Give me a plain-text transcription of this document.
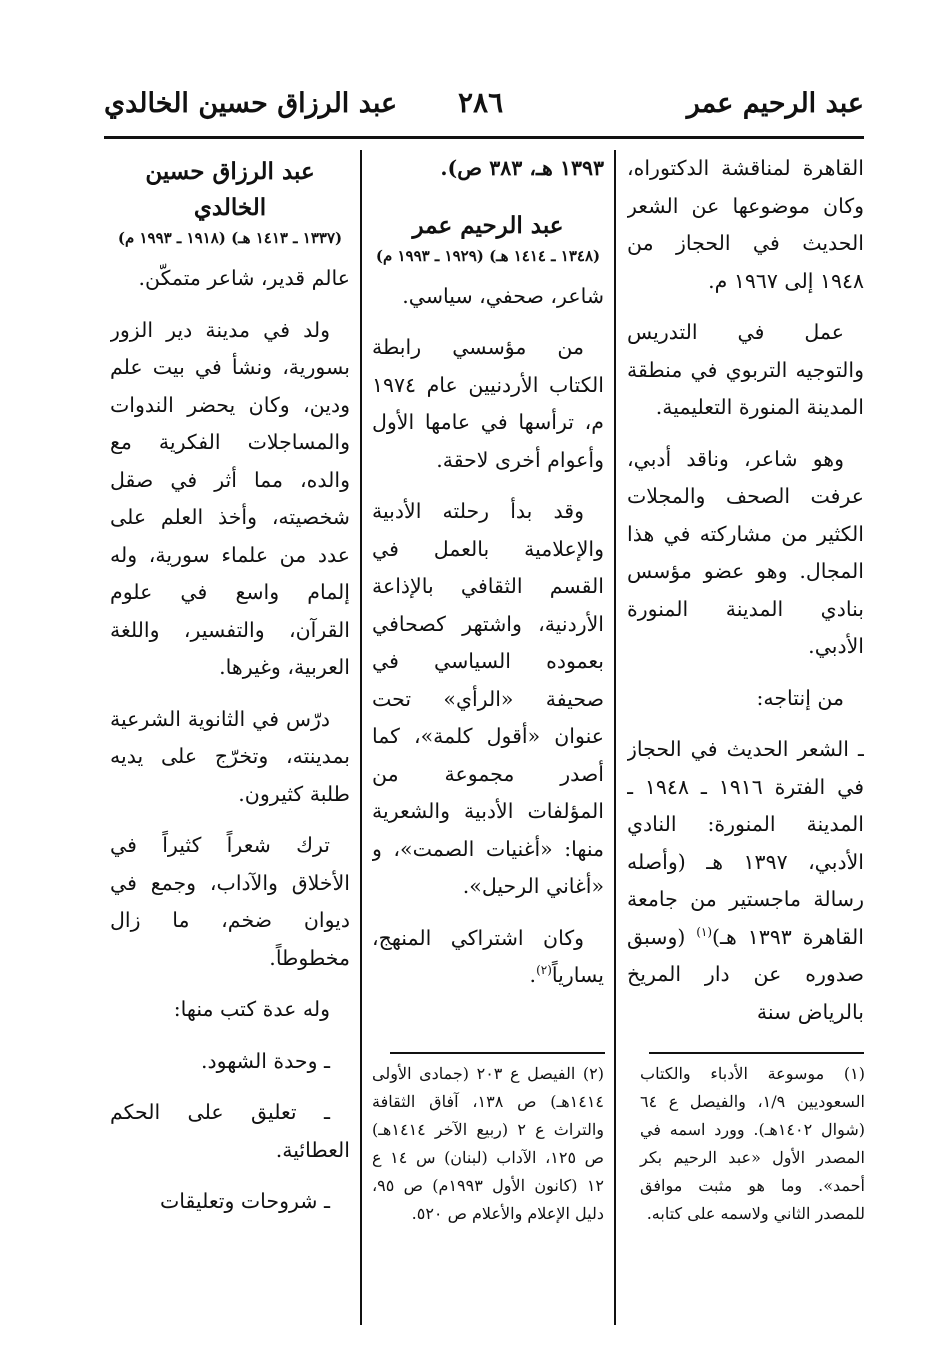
عبد الرحيم عمر
٢٨٦
عبد الرزاق حسين الخالدي

القاهرة لمناقشة الدكتوراه، وكان موضوعها عن الشعر الحديث في الحجاز من ١٩٤٨ إلى ١٩٦٧ م.

عمل في التدريس والتوجيه التربوي في منطقة المدينة المنورة التعليمية.

وهو شاعر، وناقد أدبي، عرفت الصحف والمجلات الكثير من مشاركته في هذا المجال. وهو عضو مؤسس بنادي المدينة المنورة الأدبي.

من إنتاجه:

ـ الشعر الحديث في الحجاز في الفترة ١٩١٦ ـ ١٩٤٨ ـ المدينة المنورة: النادي الأدبي، ١٣٩٧ هـ (وأصله رسالة ماجستير من جامعة القاهرة ١٣٩٣ هـ)$^{(١)}$ (وسبق صدوره عن دار المريخ بالرياض سنة

١٣٩٣ هـ، ٣٨٣ ص).

عبد الرحيم عمر
(١٣٤٨ ـ ١٤١٤ هـ) (١٩٢٩ ـ ١٩٩٣ م)

شاعر، صحفي، سياسي.

من مؤسسي رابطة الكتاب الأردنيين عام ١٩٧٤ م، ترأسها في عامها الأول وأعوام أخرى لاحقة.

وقد بدأ رحلته الأدبية والإعلامية بالعمل في القسم الثقافي بالإذاعة الأردنية، واشتهر كصحافي بعموده السياسي في صحيفة «الرأي» تحت عنوان «أقول كلمة»، كما أصدر مجموعة من المؤلفات الأدبية والشعرية منها: «أغنيات الصمت»، و «أغاني الرحيل».

وكان اشتراكي المنهج، يسارياً$^{(٢)}$.

عبد الرزاق حسين الخالدي
(١٣٣٧ ـ ١٤١٣ هـ) (١٩١٨ ـ ١٩٩٣ م)

عالم قدير، شاعر متمكّن.

ولد في مدينة دير الزور بسورية، ونشأ في بيت علم ودين، وكان يحضر الندوات والمساجلات الفكرية مع والده، مما أثر في صقل شخصيته، وأخذ العلم على عدد من علماء سورية، وله إلمام واسع في علوم القرآن، والتفسير، واللغة العربية، وغيرها.

درّس في الثانوية الشرعية بمدينته، وتخرّج على يديه طلبة كثيرون.

ترك شعراً كثيراً في الأخلاق والآداب، وجمع في ديوان ضخم، ما زال مخطوطاً.

وله عدة كتب منها:

ـ وحدة الشهود.

ـ تعليق على الحكم العطائية.

ـ شروحات وتعليقات

(١) موسوعة الأدباء والكتاب السعوديين ١/٩، والفيصل ع ٦٤ (شوال ١٤٠٢هـ). وورد اسمه في المصدر الأول «عبد الرحيم بكر أحمد». وما هو مثبت موافق للمصدر الثاني ولاسمه على كتابه.
(٢) الفيصل ع ٢٠٣ (جمادى الأولى ١٤١٤هـ) ص ١٣٨، آفاق الثقافة والتراث ع ٢ (ربيع الآخر ١٤١٤هـ) ص ١٢٥، الآداب (لبنان) س ١٤ ع ١٢ (كانون الأول ١٩٩٣م) ص ٩٥، دليل الإعلام والأعلام ص ٥٢٠.
